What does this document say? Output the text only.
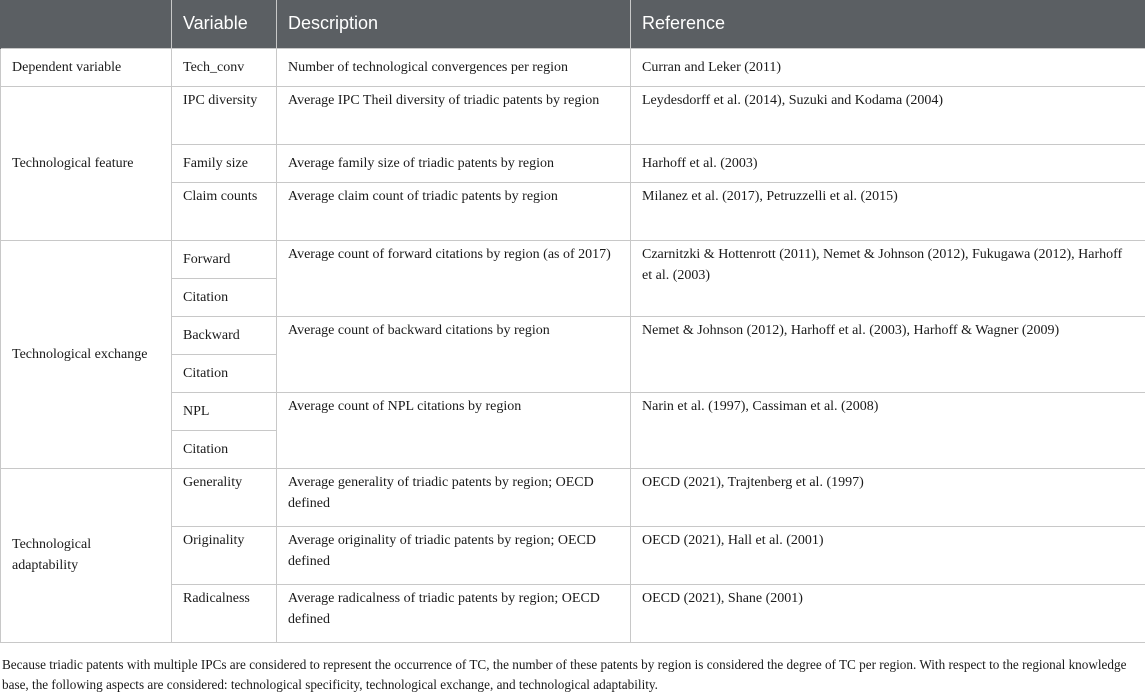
	Variable	Description	Reference
Dependent variable	Tech_conv	Number of technological convergences per region	Curran and Leker (2011)
Technological feature	IPC diversity	Average IPC Theil diversity of triadic patents by region	Leydesdorff et al. (2014), Suzuki and Kodama (2004)
	Family size	Average family size of triadic patents by region	Harhoff et al. (2003)
	Claim counts	Average claim count of triadic patents by region	Milanez et al. (2017), Petruzzelli et al. (2015)
Technological exchange	Forward	Average count of forward citations by region (as of 2017)	Czarnitzki & Hottenrott (2011), Nemet & Johnson (2012), Fukugawa (2012), Harhoff et al. (2003)
	Citation		
	Backward	Average count of backward citations by region	Nemet & Johnson (2012), Harhoff et al. (2003), Harhoff & Wagner (2009)
	Citation		
	NPL	Average count of NPL citations by region	Narin et al. (1997), Cassiman et al. (2008)
	Citation		
Technological adaptability	Generality	Average generality of triadic patents by region; OECD defined	OECD (2021), Trajtenberg et al. (1997)
	Originality	Average originality of triadic patents by region; OECD defined	OECD (2021), Hall et al. (2001)
	Radicalness	Average radicalness of triadic patents by region; OECD defined	OECD (2021), Shane (2001)
Because triadic patents with multiple IPCs are considered to represent the occurrence of TC, the number of these patents by region is considered the degree of TC per region. With respect to the regional knowledge base, the following aspects are considered: technological specificity, technological exchange, and technological adaptability.
